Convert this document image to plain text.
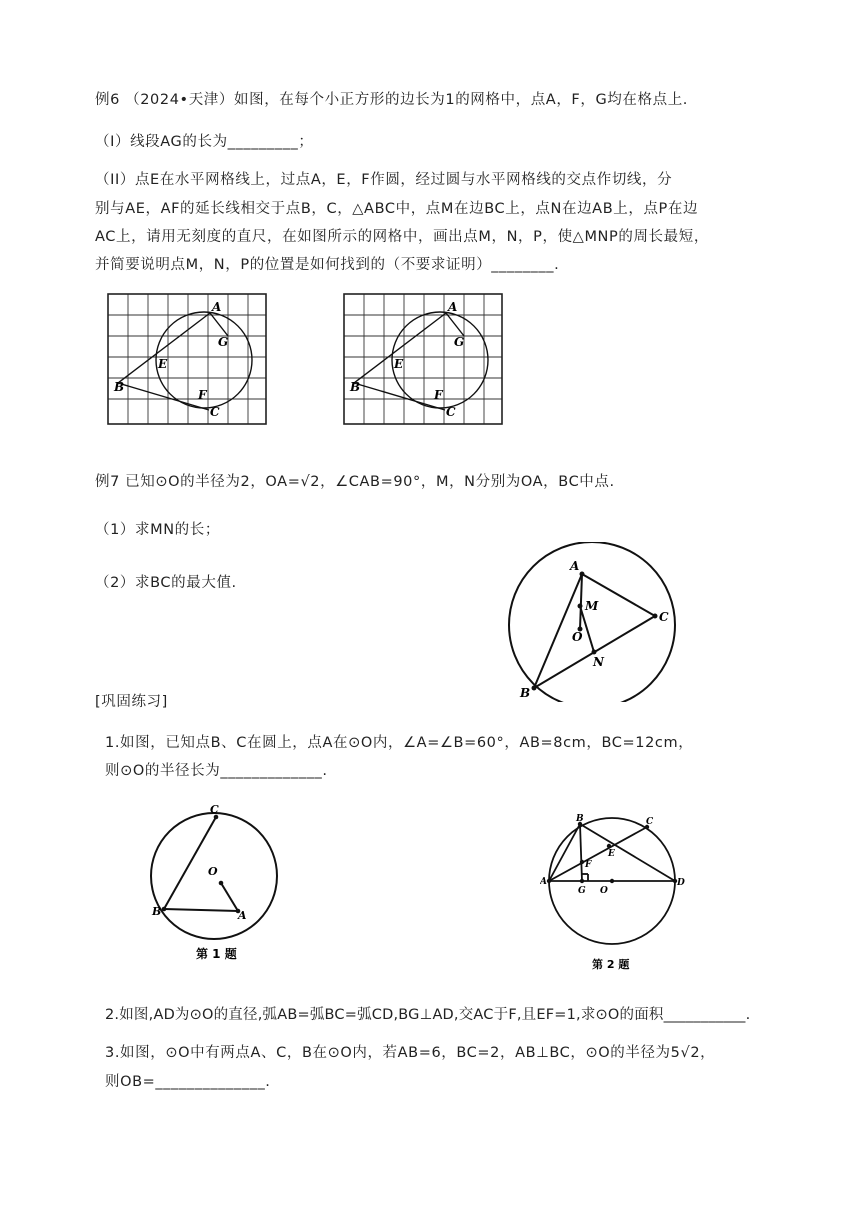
例6 （2024•天津）如图，在每个小正方形的边长为1的网格中，点A，F，G均在格点上.
（I）线段AG的长为_________；
（II）点E在水平网格线上，过点A，E，F作圆，经过圆与水平网格线的交点作切线，分
别与AE，AF的延长线相交于点B，C，△ABC中，点M在边BC上，点N在边AB上，点P在边
AC上，请用无刻度的直尺，在如图所示的网格中，画出点M，N，P，使△MNP的周长最短，
并简要说明点M，N，P的位置是如何找到的（不要求证明）________.
A
G
E
B
F
C
A
G
E
B
F
C
例7 已知⊙O的半径为2，OA=√2，∠CAB=90°，M，N分别为OA，BC中点.
（1）求MN的长；
（2）求BC的最大值.
A
M
O
C
N
B
[巩固练习]
1.如图，已知点B、C在圆上，点A在⊙O内，∠A=∠B=60°，AB=8cm，BC=12cm，
则⊙O的半径长为_____________.
C
O
B	A
第 1 题
B	C
E
F
A
G O
D
第 2 题
2.如图,AD为⊙O的直径,弧AB=弧BC=弧CD,BG⊥AD,交AC于F,且EF=1,求⊙O的面积___________.
3.如图，⊙O中有两点A、C，B在⊙O内，若AB=6，BC=2，AB⊥BC，⊙O的半径为5√2，
则OB=______________.
